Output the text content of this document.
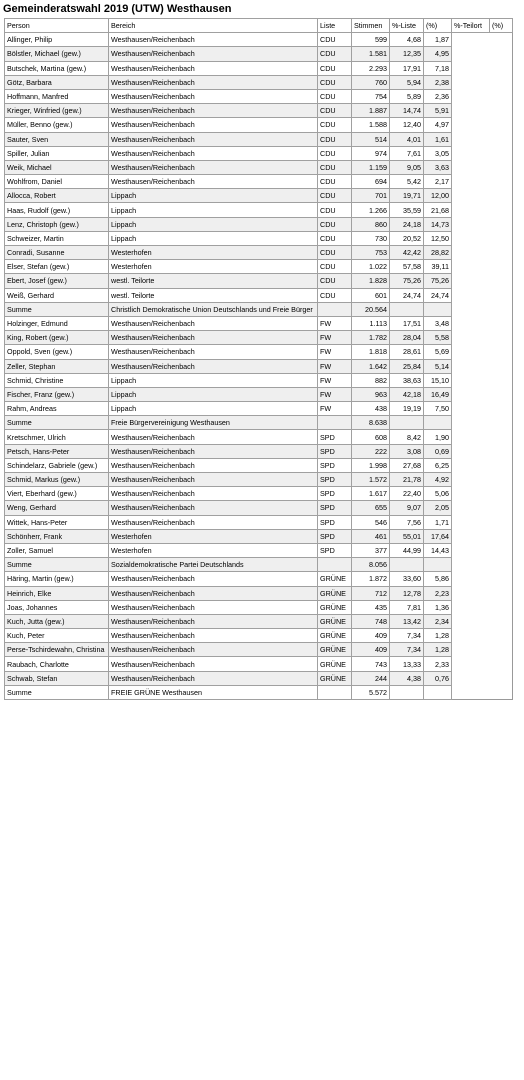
Gemeinderatswahl 2019 (UTW) Westhausen
Person	Bereich	Liste	Stimmen	%-Liste	(%)	%-Teilort	(%)
Allinger, Philip	Westhausen/Reichenbach	CDU	599	4,68	1,87		
Bölstler, Michael (gew.)	Westhausen/Reichenbach	CDU	1.581	12,35	4,95		
Butschek, Martina (gew.)	Westhausen/Reichenbach	CDU	2.293	17,91	7,18		
Götz, Barbara	Westhausen/Reichenbach	CDU	760	5,94	2,38		
Hoffmann, Manfred	Westhausen/Reichenbach	CDU	754	5,89	2,36		
Krieger, Winfried (gew.)	Westhausen/Reichenbach	CDU	1.887	14,74	5,91		
Müller, Benno (gew.)	Westhausen/Reichenbach	CDU	1.588	12,40	4,97		
Sauter, Sven	Westhausen/Reichenbach	CDU	514	4,01	1,61		
Spiller, Julian	Westhausen/Reichenbach	CDU	974	7,61	3,05		
Weik, Michael	Westhausen/Reichenbach	CDU	1.159	9,05	3,63		
Wohlfrom, Daniel	Westhausen/Reichenbach	CDU	694	5,42	2,17		
Allocca, Robert	Lippach	CDU	701	19,71	12,00		
Haas, Rudolf (gew.)	Lippach	CDU	1.266	35,59	21,68		
Lenz, Christoph (gew.)	Lippach	CDU	860	24,18	14,73		
Schweizer, Martin	Lippach	CDU	730	20,52	12,50		
Conradi, Susanne	Westerhofen	CDU	753	42,42	28,82		
Elser, Stefan (gew.)	Westerhofen	CDU	1.022	57,58	39,11		
Ebert, Josef (gew.)	westl. Teilorte	CDU	1.828	75,26	75,26		
Weiß, Gerhard	westl. Teilorte	CDU	601	24,74	24,74		
Summe	Christlich Demokratische Union Deutschlands und Freie Bürger		20.564				
Holzinger, Edmund	Westhausen/Reichenbach	FW	1.113	17,51	3,48		
King, Robert (gew.)	Westhausen/Reichenbach	FW	1.782	28,04	5,58		
Oppold, Sven (gew.)	Westhausen/Reichenbach	FW	1.818	28,61	5,69		
Zeller, Stephan	Westhausen/Reichenbach	FW	1.642	25,84	5,14		
Schmid, Christine	Lippach	FW	882	38,63	15,10		
Fischer, Franz (gew.)	Lippach	FW	963	42,18	16,49		
Rahm, Andreas	Lippach	FW	438	19,19	7,50		
Summe	Freie Bürgervereinigung Westhausen		8.638				
Kretschmer, Ulrich	Westhausen/Reichenbach	SPD	608	8,42	1,90		
Petsch, Hans-Peter	Westhausen/Reichenbach	SPD	222	3,08	0,69		
Schindelarz, Gabriele (gew.)	Westhausen/Reichenbach	SPD	1.998	27,68	6,25		
Schmid, Markus (gew.)	Westhausen/Reichenbach	SPD	1.572	21,78	4,92		
Viert, Eberhard (gew.)	Westhausen/Reichenbach	SPD	1.617	22,40	5,06		
Weng, Gerhard	Westhausen/Reichenbach	SPD	655	9,07	2,05		
Wittek, Hans-Peter	Westhausen/Reichenbach	SPD	546	7,56	1,71		
Schönherr, Frank	Westerhofen	SPD	461	55,01	17,64		
Zoller, Samuel	Westerhofen	SPD	377	44,99	14,43		
Summe	Sozialdemokratische Partei Deutschlands		8.056				
Häring, Martin (gew.)	Westhausen/Reichenbach	GRÜNE	1.872	33,60	5,86		
Heinrich, Elke	Westhausen/Reichenbach	GRÜNE	712	12,78	2,23		
Joas, Johannes	Westhausen/Reichenbach	GRÜNE	435	7,81	1,36		
Kuch, Jutta (gew.)	Westhausen/Reichenbach	GRÜNE	748	13,42	2,34		
Kuch, Peter	Westhausen/Reichenbach	GRÜNE	409	7,34	1,28		
Perse-Tschirdewahn, Christina	Westhausen/Reichenbach	GRÜNE	409	7,34	1,28		
Raubach, Charlotte	Westhausen/Reichenbach	GRÜNE	743	13,33	2,33		
Schwab, Stefan	Westhausen/Reichenbach	GRÜNE	244	4,38	0,76		
Summe	FREIE GRÜNE Westhausen		5.572				
